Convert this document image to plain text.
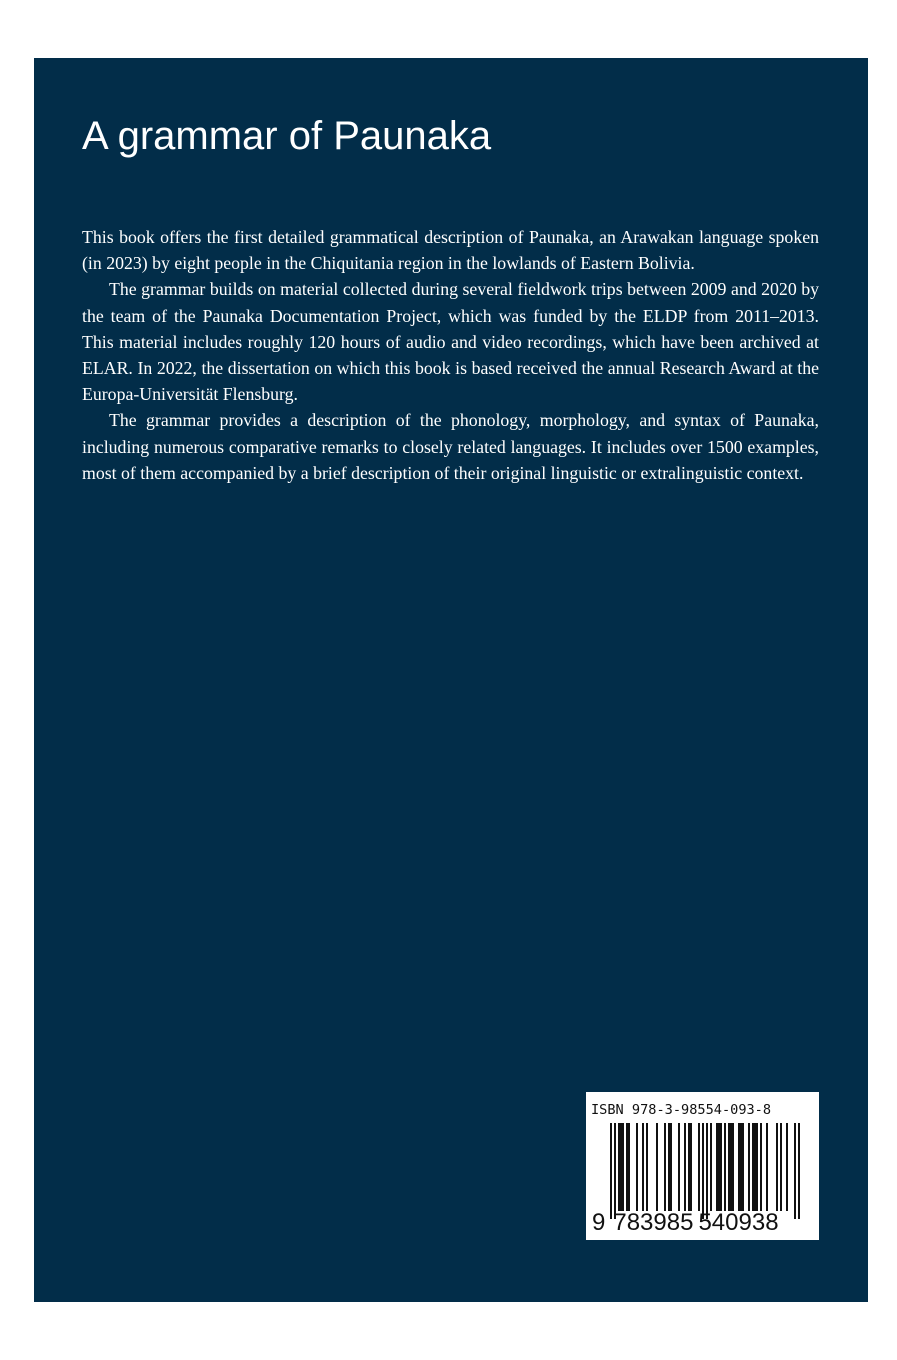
A grammar of Paunaka

This book offers the first detailed grammatical description of Paunaka, an Arawakan language spoken (in 2023) by eight people in the Chiquitania region in the lowlands of Eastern Bolivia.

The grammar builds on material collected during several fieldwork trips between 2009 and 2020 by the team of the Paunaka Documentation Project, which was funded by the ELDP from 2011–2013. This material includes roughly 120 hours of audio and video recordings, which have been archived at ELAR. In 2022, the dissertation on which this book is based received the annual Research Award at the Europa-Universität Flensburg.

The grammar provides a description of the phonology, morphology, and syntax of Paunaka, including numerous comparative remarks to closely related languages. It includes over 1500 examples, most of them accompanied by a brief description of their original linguistic or extralinguistic context.

ISBN 978-3-98554-093-8
9 783985 540938
